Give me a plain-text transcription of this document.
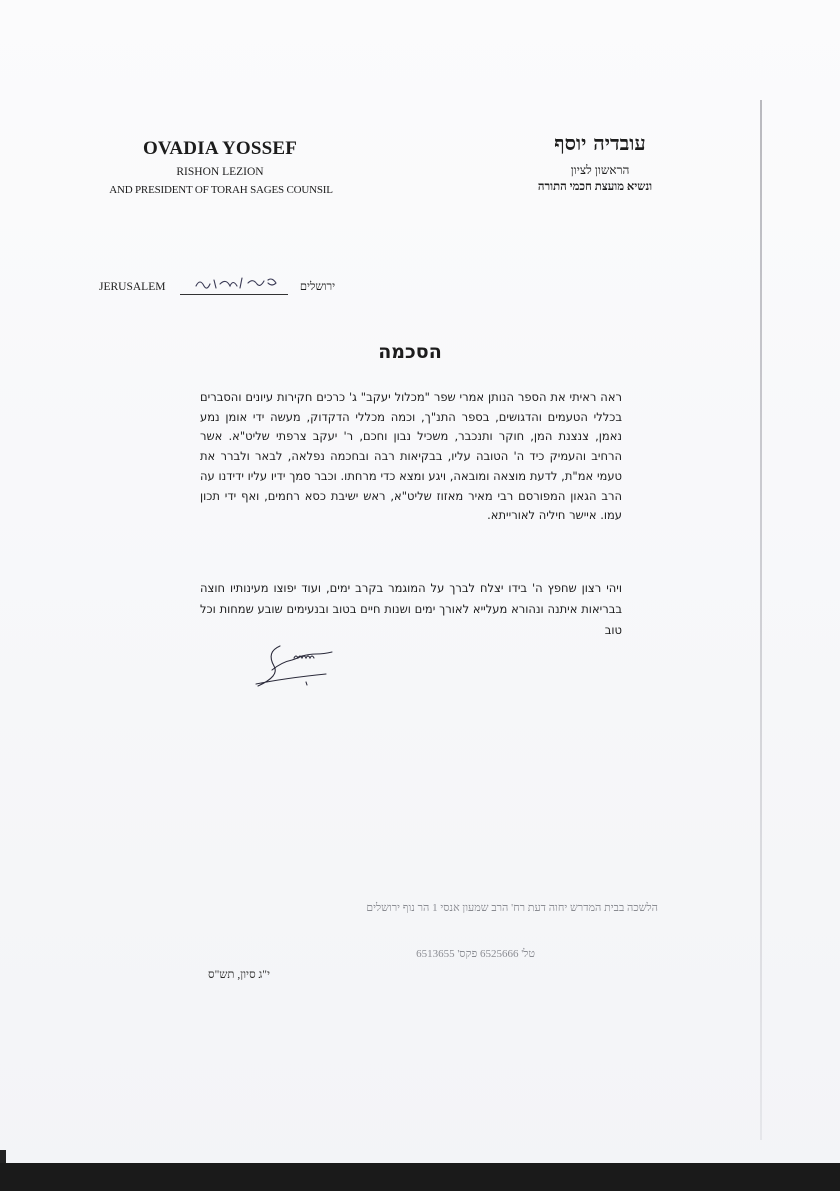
OVADIA YOSSEF
RISHON LEZION
AND PRESIDENT OF TORAH SAGES COUNSIL
עובדיה יוסף
הראשון לציון
ונשיא מועצת חכמי התורה
JERUSALEM	ירושלים
הסכמה
ראה ראיתי את הספר הנותן אמרי שפר "מכלול יעקב" ג' כרכים חקירות עיונים והסברים בכללי הטעמים והדגושים, בספר התנ"ך, וכמה מכללי הדקדוק, מעשה ידי אומן נמע נאמן, צנצנת המן, חוקר ותנכבר, משכיל נבון וחכם, ר' יעקב צרפתי שליט"א. אשר הרחיב והעמיק כיד ה' הטובה עליו, בבקיאות רבה ובחכמה נפלאה, לבאר ולברר את טעמי אמ"ת, לדעת מוצאה ומובאה, ויגע ומצא כדי מרחתו. וכבר סמך ידיו עליו ידידנו עה הרב הגאון המפורסם רבי מאיר מאזוז שליט"א, ראש ישיבת כסא רחמים, ואף ידי תכון עמו. איישר חיליה לאורייתא.
ויהי רצון שחפץ ה' בידו יצלח לברך על המוגמר בקרב ימים, ועוד יפוצו מעינותיו חוצה בבריאות איתנה ונהורא מעלייא לאורך ימים ושנות חיים בטוב ובנעימים שובע שמחות וכל טוב
הלשכה בבית המדרש יחוה דעת רח' הרב שמעון אנסי 1 הר נוף ירושלים
טל' 6525666 פקס' 6513655
י"ג סיון, תש"ס
